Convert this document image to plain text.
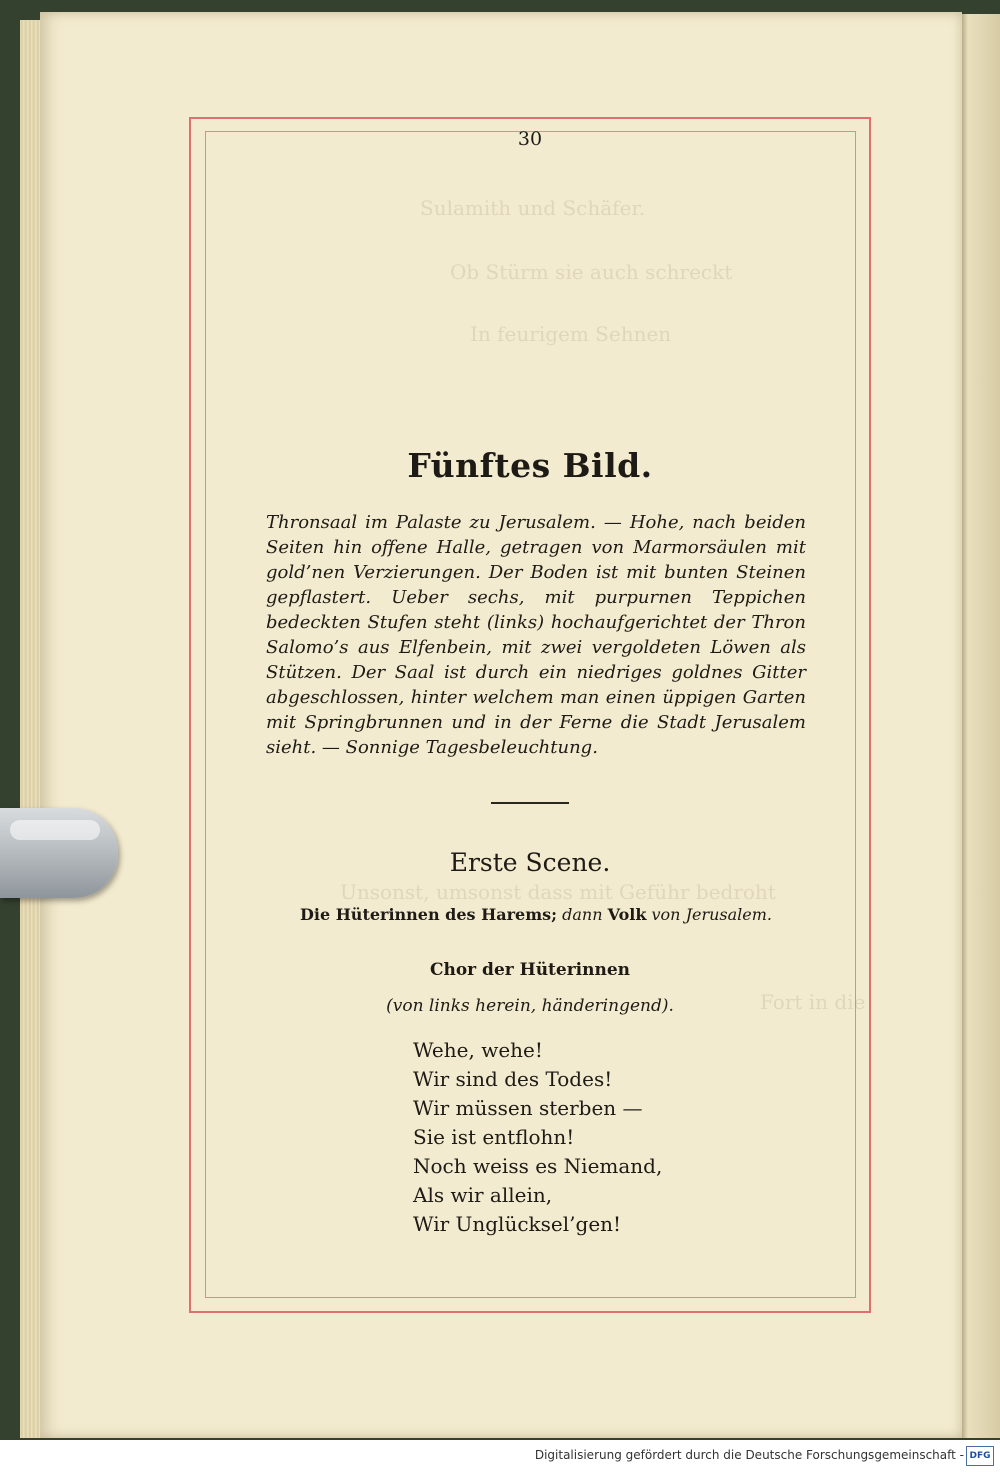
Sulamith und Schäfer.
Ob Stürm sie auch schreckt
In feurigem Sehnen
Unsonst, umsonst dass mit Geführ bedroht
Fort in die
30
Fünftes Bild.
Thronsaal im Palaste zu Jerusalem. — Hohe, nach beiden Seiten hin offene Halle, getragen von Marmorsäulen mit gold’nen Verzierungen. Der Boden ist mit bunten Steinen gepflastert. Ueber sechs, mit purpurnen Teppichen bedeckten Stufen steht (links) hochaufgerichtet der Thron Salomo’s aus Elfenbein, mit zwei vergoldeten Löwen als Stützen. Der Saal ist durch ein niedriges goldnes Gitter abgeschlossen, hinter welchem man einen üppigen Garten mit Springbrunnen und in der Ferne die Stadt Jerusalem sieht. — Sonnige Tagesbeleuchtung.
Erste Scene.
Die Hüterinnen des Harems; dann Volk von Jerusalem.
Chor der Hüterinnen
(von links herein, händeringend).
Wehe, wehe!
Wir sind des Todes!
Wir müssen sterben —
Sie ist entflohn!
Noch weiss es Niemand,
Als wir allein,
Wir Unglücksel’gen!
Digitalisierung gefördert durch die Deutsche Forschungsgemeinschaft - DFG
